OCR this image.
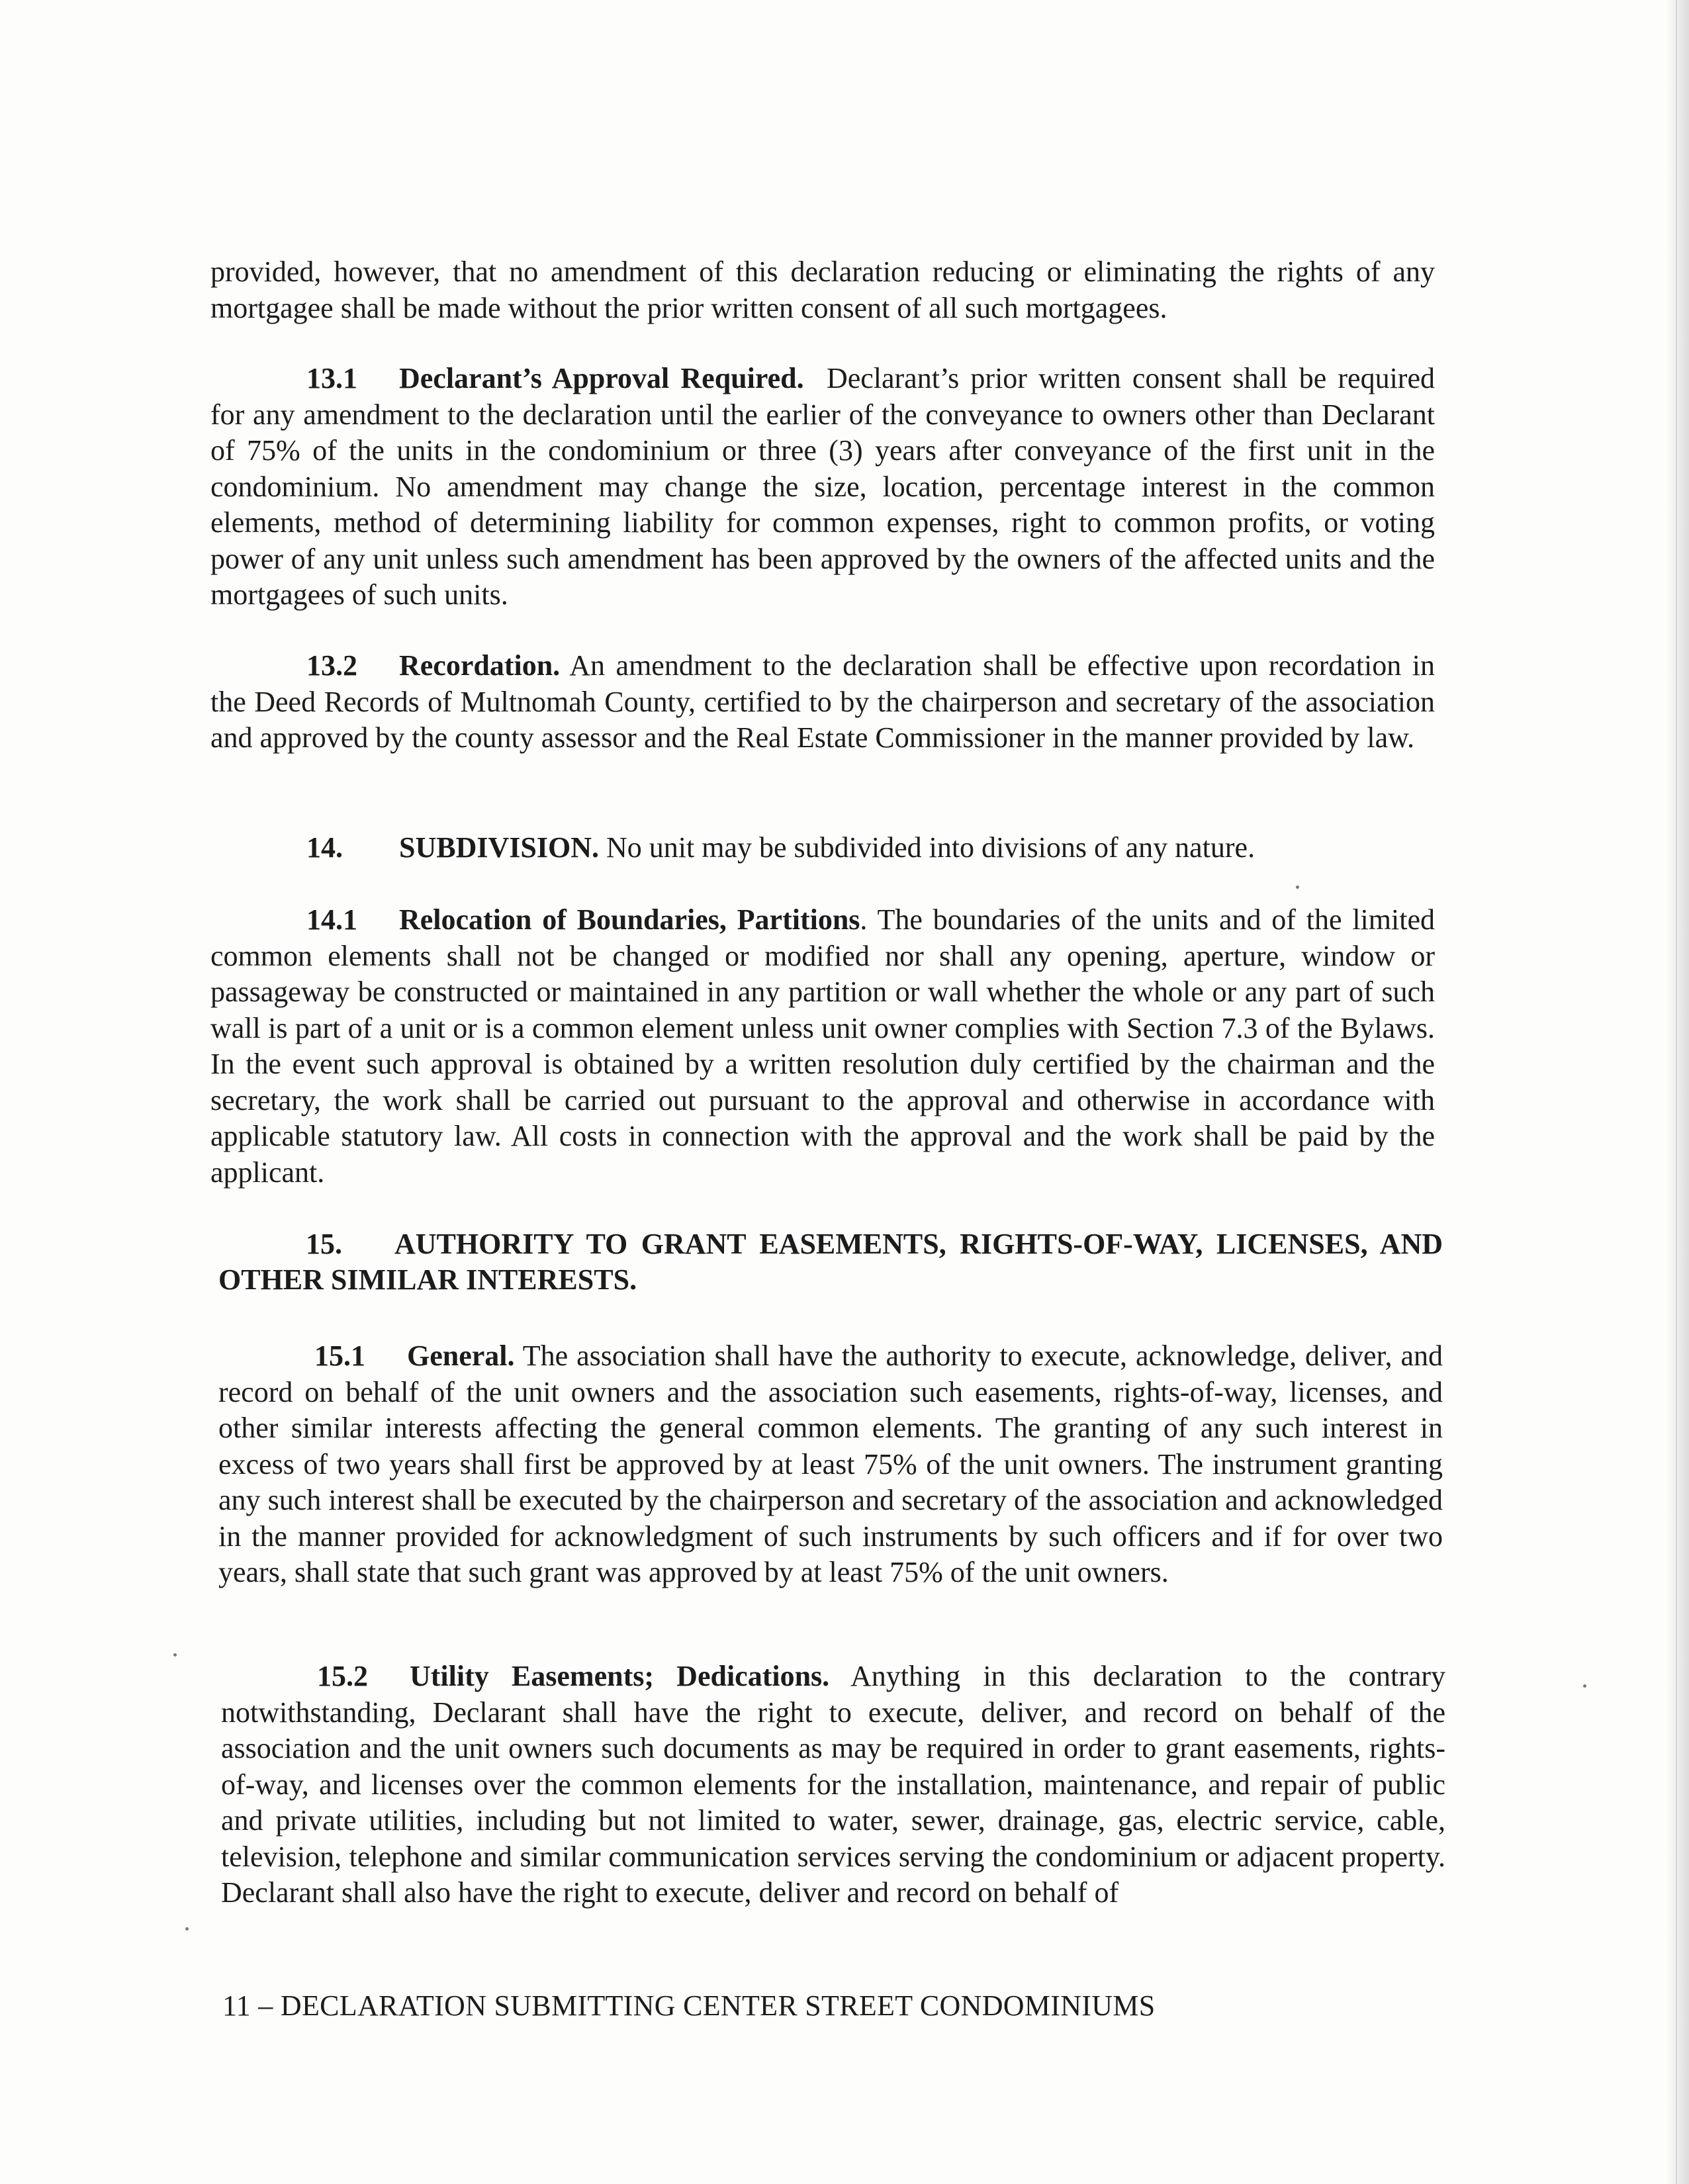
provided, however, that no amendment of this declaration reducing or eliminating the rights of any mortgagee shall be made without the prior written consent of all such mortgagees.

13.1 Declarant’s Approval Required. Declarant’s prior written consent shall be required for any amendment to the declaration until the earlier of the conveyance to owners other than Declarant of 75% of the units in the condominium or three (3) years after conveyance of the first unit in the condominium. No amendment may change the size, location, percentage interest in the common elements, method of determining liability for common expenses, right to common profits, or voting power of any unit unless such amendment has been approved by the owners of the affected units and the mortgagees of such units.

13.2 Recordation. An amendment to the declaration shall be effective upon recordation in the Deed Records of Multnomah County, certified to by the chairperson and secretary of the association and approved by the county assessor and the Real Estate Commissioner in the manner provided by law.

14. SUBDIVISION. No unit may be subdivided into divisions of any nature.

14.1 Relocation of Boundaries, Partitions. The boundaries of the units and of the limited common elements shall not be changed or modified nor shall any opening, aperture, window or passageway be constructed or maintained in any partition or wall whether the whole or any part of such wall is part of a unit or is a common element unless unit owner complies with Section 7.3 of the Bylaws. In the event such approval is obtained by a written resolution duly certified by the chairman and the secretary, the work shall be carried out pursuant to the approval and otherwise in accordance with applicable statutory law. All costs in connection with the approval and the work shall be paid by the applicant.

15. AUTHORITY TO GRANT EASEMENTS, RIGHTS-OF-WAY, LICENSES, AND OTHER SIMILAR INTERESTS.

15.1 General. The association shall have the authority to execute, acknowledge, deliver, and record on behalf of the unit owners and the association such easements, rights-of-way, licenses, and other similar interests affecting the general common elements. The granting of any such interest in excess of two years shall first be approved by at least 75% of the unit owners. The instrument granting any such interest shall be executed by the chairperson and secretary of the association and acknowledged in the manner provided for acknowledgment of such instruments by such officers and if for over two years, shall state that such grant was approved by at least 75% of the unit owners.

15.2 Utility Easements; Dedications. Anything in this declaration to the contrary notwithstanding, Declarant shall have the right to execute, deliver, and record on behalf of the association and the unit owners such documents as may be required in order to grant easements, rights-of-way, and licenses over the common elements for the installation, maintenance, and repair of public and private utilities, including but not limited to water, sewer, drainage, gas, electric service, cable, television, telephone and similar communication services serving the condominium or adjacent property. Declarant shall also have the right to execute, deliver and record on behalf of

11 – DECLARATION SUBMITTING CENTER STREET CONDOMINIUMS
